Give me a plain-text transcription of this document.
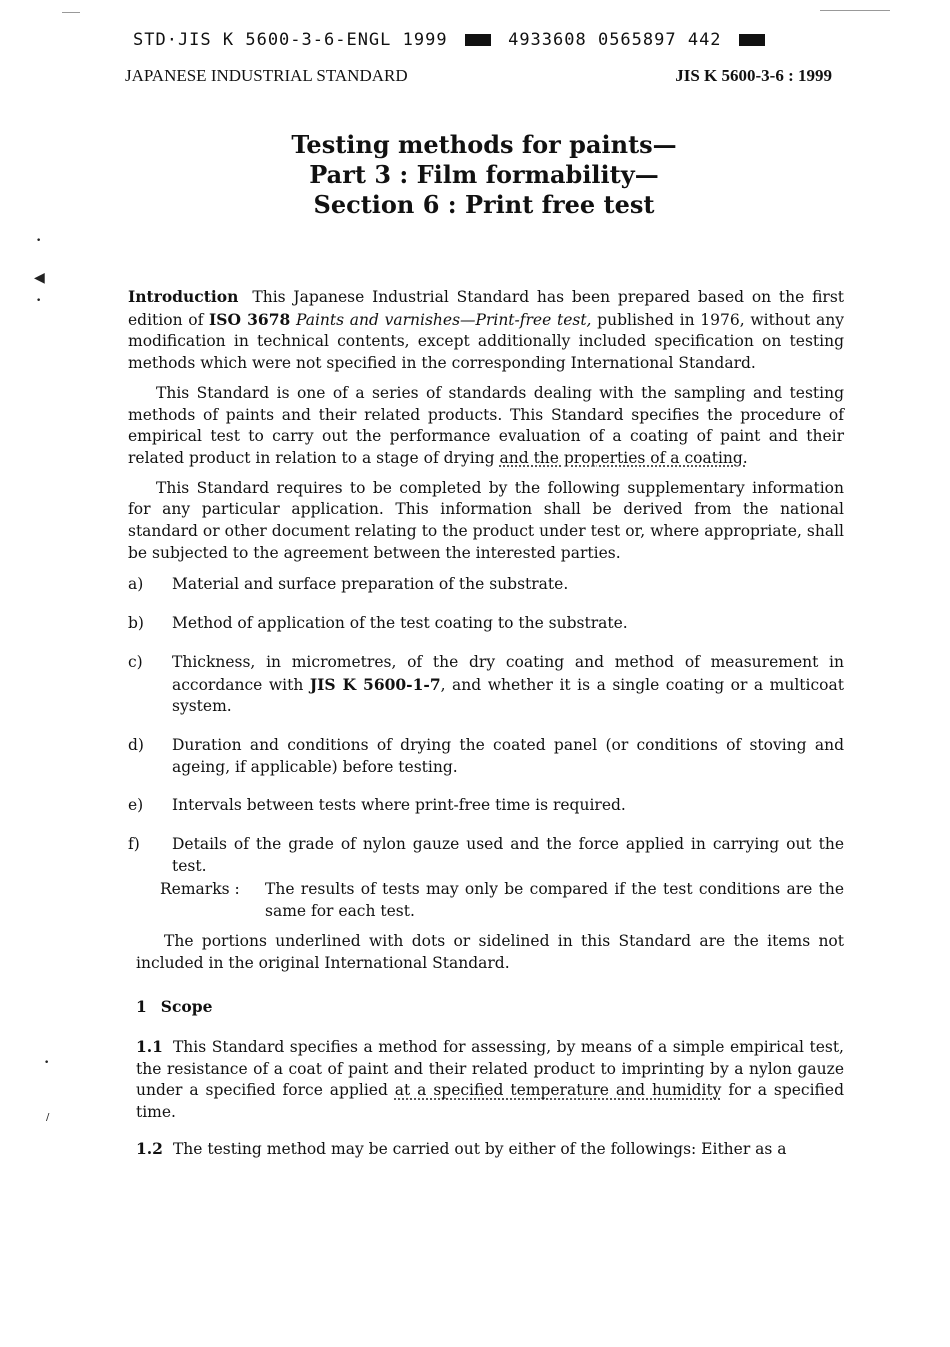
STD·JIS K 5600-3-6-ENGL 1999	4933608 0565897 442
JAPANESE INDUSTRIAL STANDARD	JIS K 5600-3-6 : 1999
Testing methods for paints—
Part 3 : Film formability—
Section 6 : Print free test
•
◀
•
•
/

Introduction This Japanese Industrial Standard has been prepared based on the first edition of ISO 3678 Paints and varnishes—Print-free test, published in 1976, without any modification in technical contents, except additionally included specification on testing methods which were not specified in the corresponding International Standard.

This Standard is one of a series of standards dealing with the sampling and testing methods of paints and their related products. This Standard specifies the procedure of empirical test to carry out the performance evaluation of a coating of paint and their related product in relation to a stage of drying and the properties of a coating.

This Standard requires to be completed by the following supplementary information for any particular application. This information shall be derived from the national standard or other document relating to the product under test or, where appropriate, shall be subjected to the agreement between the interested parties.

a)	Material and surface preparation of the substrate.
b)	Method of application of the test coating to the substrate.
c)	Thickness, in micrometres, of the dry coating and method of measurement in accordance with JIS K 5600-1-7, and whether it is a single coating or a multicoat system.
d)	Duration and conditions of drying the coated panel (or conditions of stoving and ageing, if applicable) before testing.
e)	Intervals between tests where print-free time is required.
f)	Details of the grade of nylon gauze used and the force applied in carrying out the test.
Remarks :	The results of tests may only be compared if the test conditions are the same for each test.

The portions underlined with dots or sidelined in this Standard are the items not included in the original International Standard.

1 Scope

1.1 This Standard specifies a method for assessing, by means of a simple empirical test, the resistance of a coat of paint and their related product to imprinting by a nylon gauze under a specified force applied at a specified temperature and humidity for a specified time.

1.2 The testing method may be carried out by either of the followings: Either as a
